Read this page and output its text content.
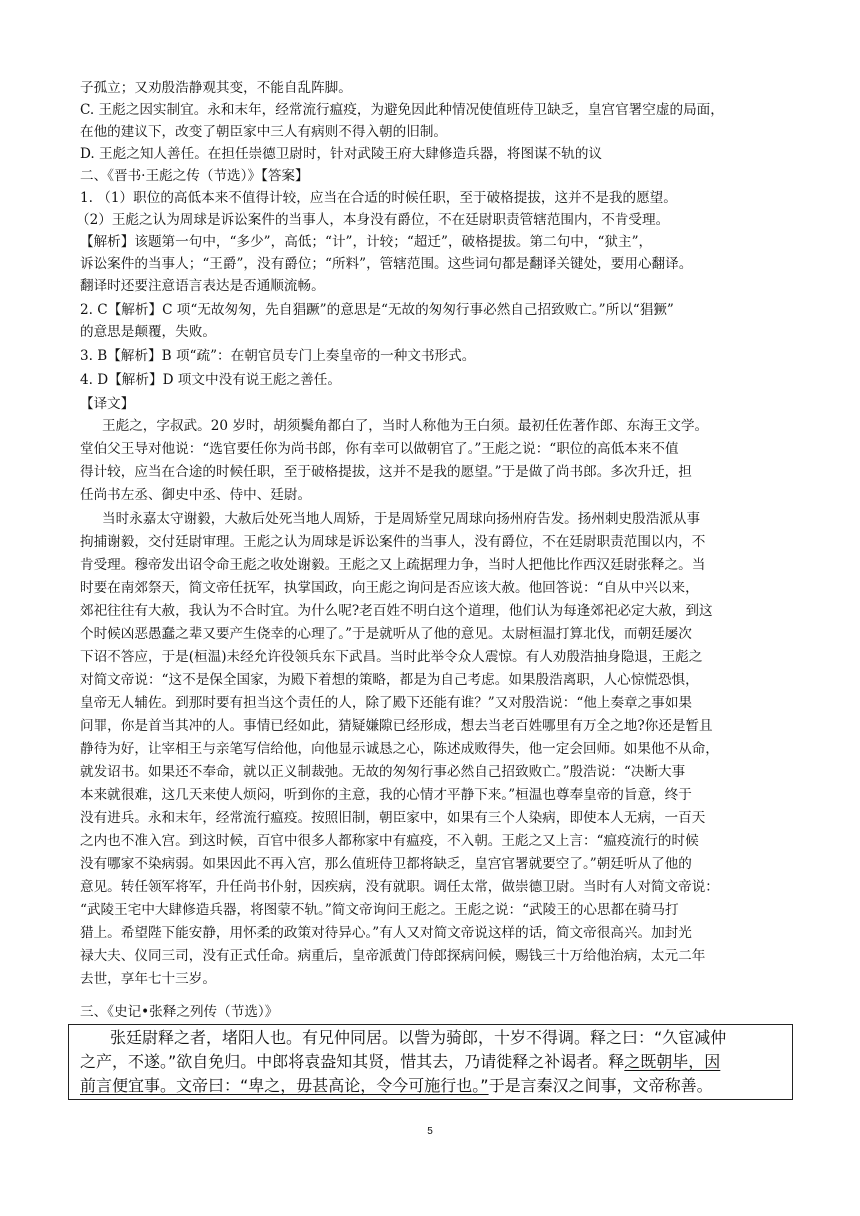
子孤立；又劝殷浩静观其变，不能自乱阵脚。
C. 王彪之因实制宜。永和末年，经常流行瘟疫，为避免因此种情况使值班侍卫缺乏，皇宫官署空虚的局面，
在他的建议下，改变了朝臣家中三人有病则不得入朝的旧制。
D. 王彪之知人善任。在担任崇德卫尉时，针对武陵王府大肆修造兵器，将图谋不轨的议
二、《晋书·王彪之传（节选）》【答案】
1. （1）职位的高低本来不值得计较，应当在合适的时候任职，至于破格提拔，这并不是我的愿望。
（2）王彪之认为周球是诉讼案件的当事人，本身没有爵位，不在廷尉职责管辖范围内，不肯受理。
【解析】该题第一句中，“多少”，高低；“计”，计较；“超迁”，破格提拔。第二句中，“狱主”，
诉讼案件的当事人；“王爵”，没有爵位；“所料”，管辖范围。这些词句都是翻译关键处，要用心翻译。
翻译时还要注意语言表达是否通顺流畅。
2. C【解析】C 项“无故匆匆，先自猖蹶”的意思是“无故的匆匆行事必然自己招致败亡。”所以“猖獗”
的意思是颠覆，失败。
3. B【解析】B 项“疏”：在朝官员专门上奏皇帝的一种文书形式。
4. D【解析】D 项文中没有说王彪之善任。
【译文】
王彪之，字叔武。20 岁时，胡须鬓角都白了，当时人称他为王白须。最初任佐著作郎、东海王文学。
堂伯父王导对他说：“选官要任你为尚书郎，你有幸可以做朝官了。”王彪之说：“职位的高低本来不值
得计较，应当在合途的时候任职，至于破格提拔，这并不是我的愿望。”于是做了尚书郎。多次升迁，担
任尚书左丞、御史中丞、侍中、廷尉。
当时永嘉太守谢毅，大赦后处死当地人周矫，于是周矫堂兄周球向扬州府告发。扬州刺史殷浩派从事
拘捕谢毅，交付廷尉审理。王彪之认为周球是诉讼案件的当事人，没有爵位，不在廷尉职责范围以内，不
肯受理。穆帝发出诏令命王彪之收处谢毅。王彪之又上疏据理力争，当时人把他比作西汉廷尉张释之。当
时要在南郊祭天，简文帝任抚军，执掌国政，向王彪之询问是否应该大赦。他回答说：“自从中兴以来，
郊祀往往有大赦，我认为不合时宜。为什么呢?老百姓不明白这个道理，他们认为每逢郊祀必定大赦，到这
个时候凶恶愚蠢之辈又要产生侥幸的心理了。”于是就听从了他的意见。太尉桓温打算北伐，而朝廷屡次
下诏不答应，于是(桓温)未经允许役领兵东下武昌。当时此举令众人震惊。有人劝殷浩抽身隐退，王彪之
对简文帝说：“这不是保全国家，为殿下着想的策略，都是为自己考虑。如果殷浩离职，人心惊慌恐惧，
皇帝无人辅佐。到那时要有担当这个责任的人，除了殿下还能有谁？”又对殷浩说：“他上奏章之事如果
问罪，你是首当其冲的人。事情已经如此，猜疑嫌隙已经形成，想去当老百姓哪里有万全之地?你还是暂且
静待为好，让宰相王与亲笔写信给他，向他显示诚恳之心，陈述成败得失，他一定会回师。如果他不从命，
就发诏书。如果还不奉命，就以正义制裁弛。无故的匆匆行事必然自己招致败亡。”殷浩说：“决断大事
本来就很难，这几天来使人烦闷，听到你的主意，我的心情才平静下来。”桓温也尊奉皇帝的旨意，终于
没有进兵。永和末年，经常流行瘟疫。按照旧制，朝臣家中，如果有三个人染病，即使本人无病，一百天
之内也不准入宫。到这时候，百官中很多人都称家中有瘟疫，不入朝。王彪之又上言：“瘟疫流行的时候
没有哪家不染病弱。如果因此不再入宫，那么值班侍卫都将缺乏，皇宫官署就要空了。”朝廷听从了他的
意见。转任领军将军，升任尚书仆射，因疾病，没有就职。调任太常，做崇德卫尉。当时有人对简文帝说：
“武陵王宅中大肆修造兵器，将图蒙不轨。”简文帝询问王彪之。王彪之说：“武陵王的心思都在骑马打
猎上。希望陛下能安静，用怀柔的政策对待异心。”有人又对简文帝说这样的话，简文帝很高兴。加封光
禄大夫、仪同三司，没有正式任命。病重后，皇帝派黄门侍郎探病问候，赐钱三十万给他治病，太元二年
去世，享年七十三岁。
三、《史记•张释之列传（节选）》
张廷尉释之者，堵阳人也。有兄仲同居。以訾为骑郎，十岁不得调。释之曰：“久宦减仲
之产，不遂。”欲自免归。中郎将袁盎知其贤，惜其去，乃请徙释之补谒者。释之既朝毕，因
前言便宜事。文帝曰：“卑之，毋甚高论，令今可施行也。”于是言秦汉之间事，文帝称善。
5
